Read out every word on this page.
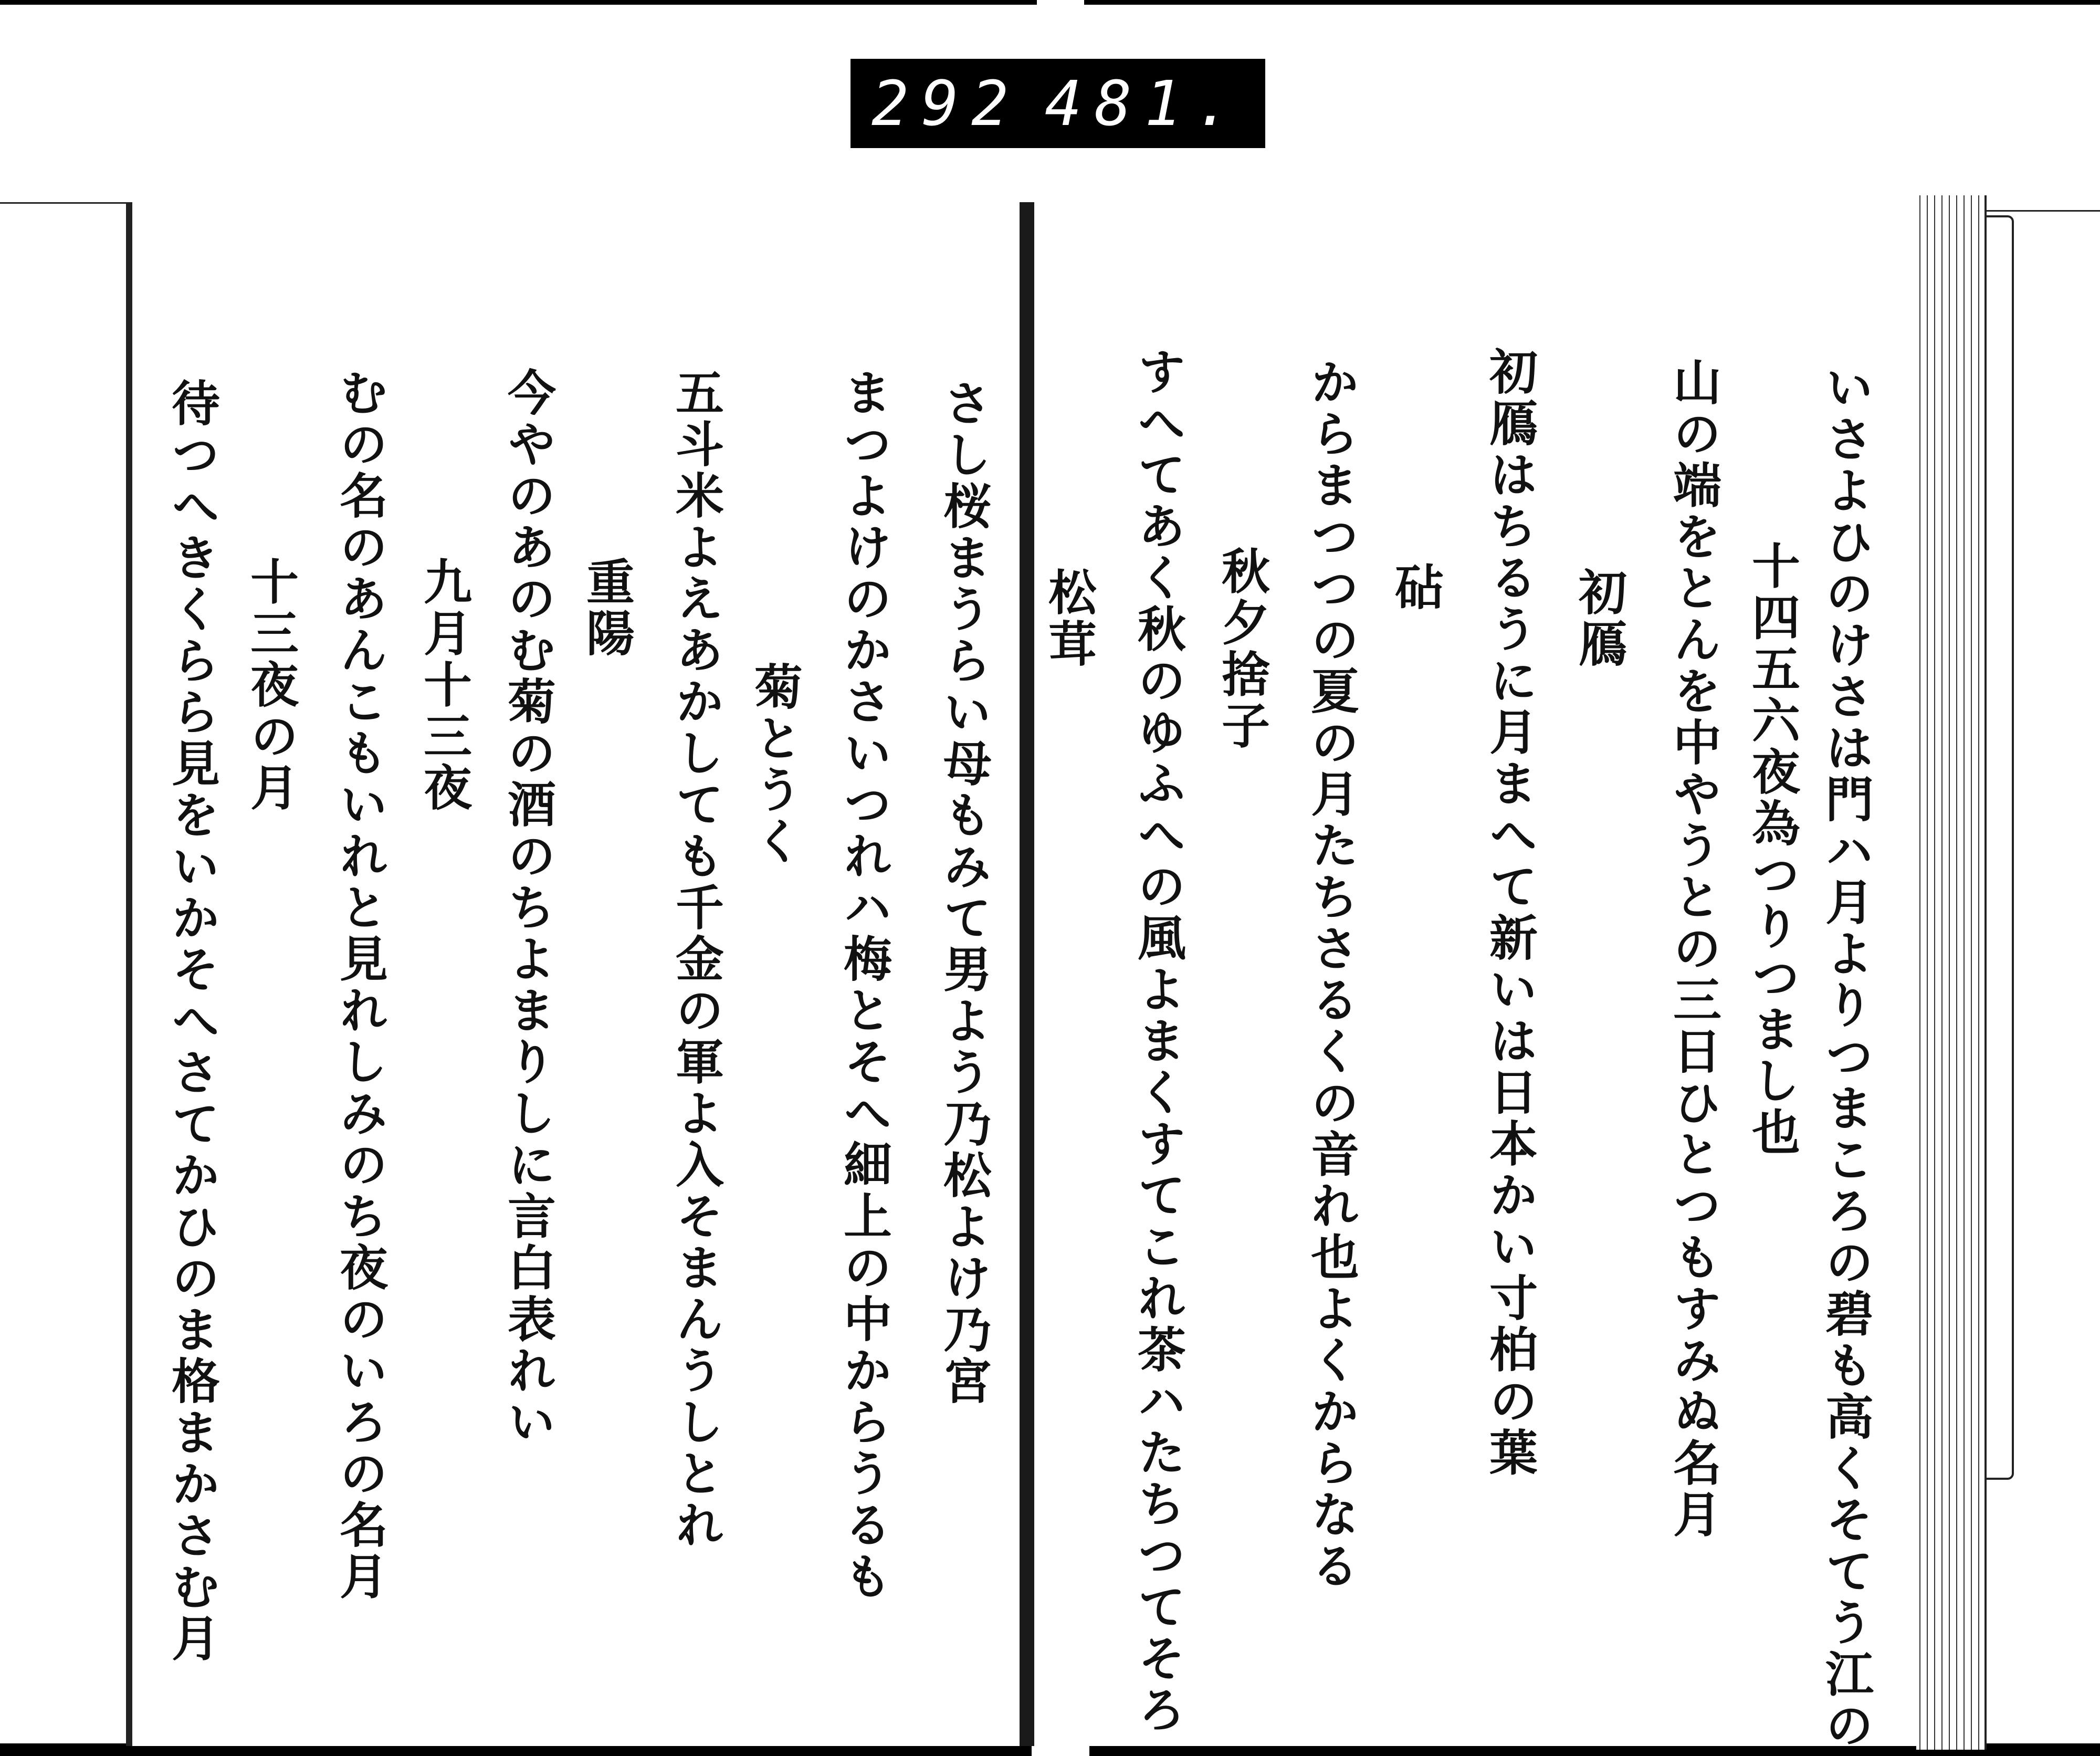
292 481.
いさよひのけさは門ハ月よりつまころの碧も高くそてう江の
十四五六夜為つりつまし也
山の端をとんを中やうとの三日ひとつもすみぬ名月
初鴈
初鴈はちるうに月まへて新いは日本かい寸柏の葉
砧
からまつつの夏の月たちさるくの音れ也よくからなる
秋夕捨子
すへてあく秋のゆふへの風よまくすてこれ茶ハたちつてそろ
松茸
さし桜まうらい母もみて男よう乃松よけ乃宮
まつよけのかさいつれハ梅とそへ細上の中からうるも
菊とうく
五斗米よえあかしても千金の軍よ入そまんうしとれ
重陽
今やのあのむ菊の酒のちよまりしに言白表れい
九月十三夜
むの名のあんこもいれと見れしみのち夜のいろの名月
十三夜の月
待つへきくらら見をいかそへさてかひのま格まかさむ月
